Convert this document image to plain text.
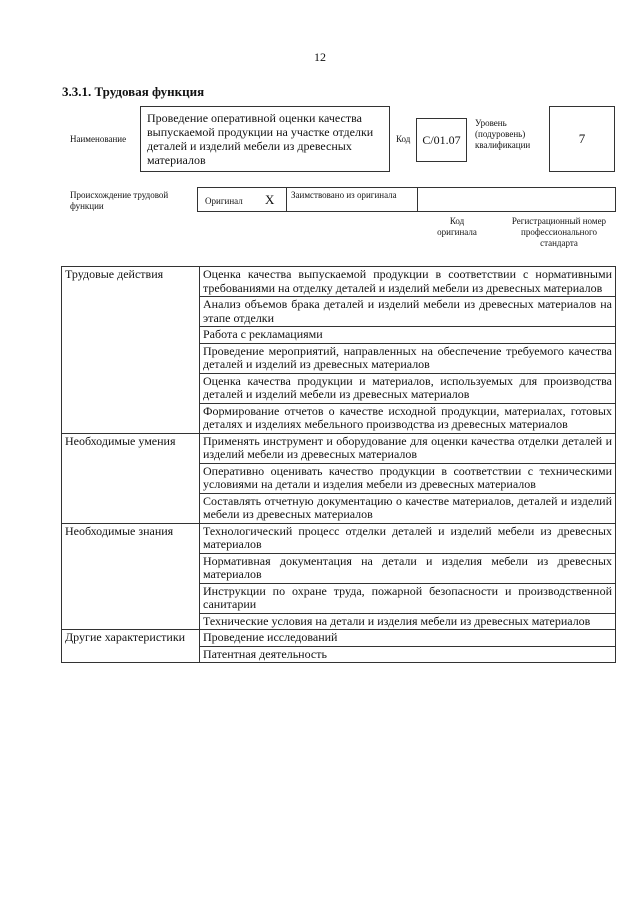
12
3.3.1. Трудовая функция
Наименование
Проведение оперативной оценки качества выпускаемой продукции на участке отделки деталей и изделий мебели из древесных материалов
Код С/01.07
Уровень (подуровень) квалификации	7
Происхождение трудовой функции	Оригинал X Заимствовано из оригинала
Код оригинала
Регистрационный номер профессионального стандарта
Трудовые действия	Оценка качества выпускаемой продукции в соответствии с нормативными требованиями на отделку деталей и изделий мебели из древесных материалов
	Анализ объемов брака деталей и изделий мебели из древесных материалов на этапе отделки
	Работа с рекламациями
	Проведение мероприятий, направленных на обеспечение требуемого качества деталей и изделий из древесных материалов
	Оценка качества продукции и материалов, используемых для производства деталей и изделий мебели из древесных материалов
	Формирование отчетов о качестве исходной продукции, материалах, готовых деталях и изделиях мебельного производства из древесных материалов
Необходимые умения	Применять инструмент и оборудование для оценки качества отделки деталей и изделий мебели из древесных материалов
	Оперативно оценивать качество продукции в соответствии с техническими условиями на детали и изделия мебели из древесных материалов
	Составлять отчетную документацию о качестве материалов, деталей и изделий мебели из древесных материалов
Необходимые знания	Технологический процесс отделки деталей и изделий мебели из древесных материалов
	Нормативная документация на детали и изделия мебели из древесных материалов
	Инструкции по охране труда, пожарной безопасности и производственной санитарии
	Технические условия на детали и изделия мебели из древесных материалов
Другие характеристики	Проведение исследований
	Патентная деятельность
